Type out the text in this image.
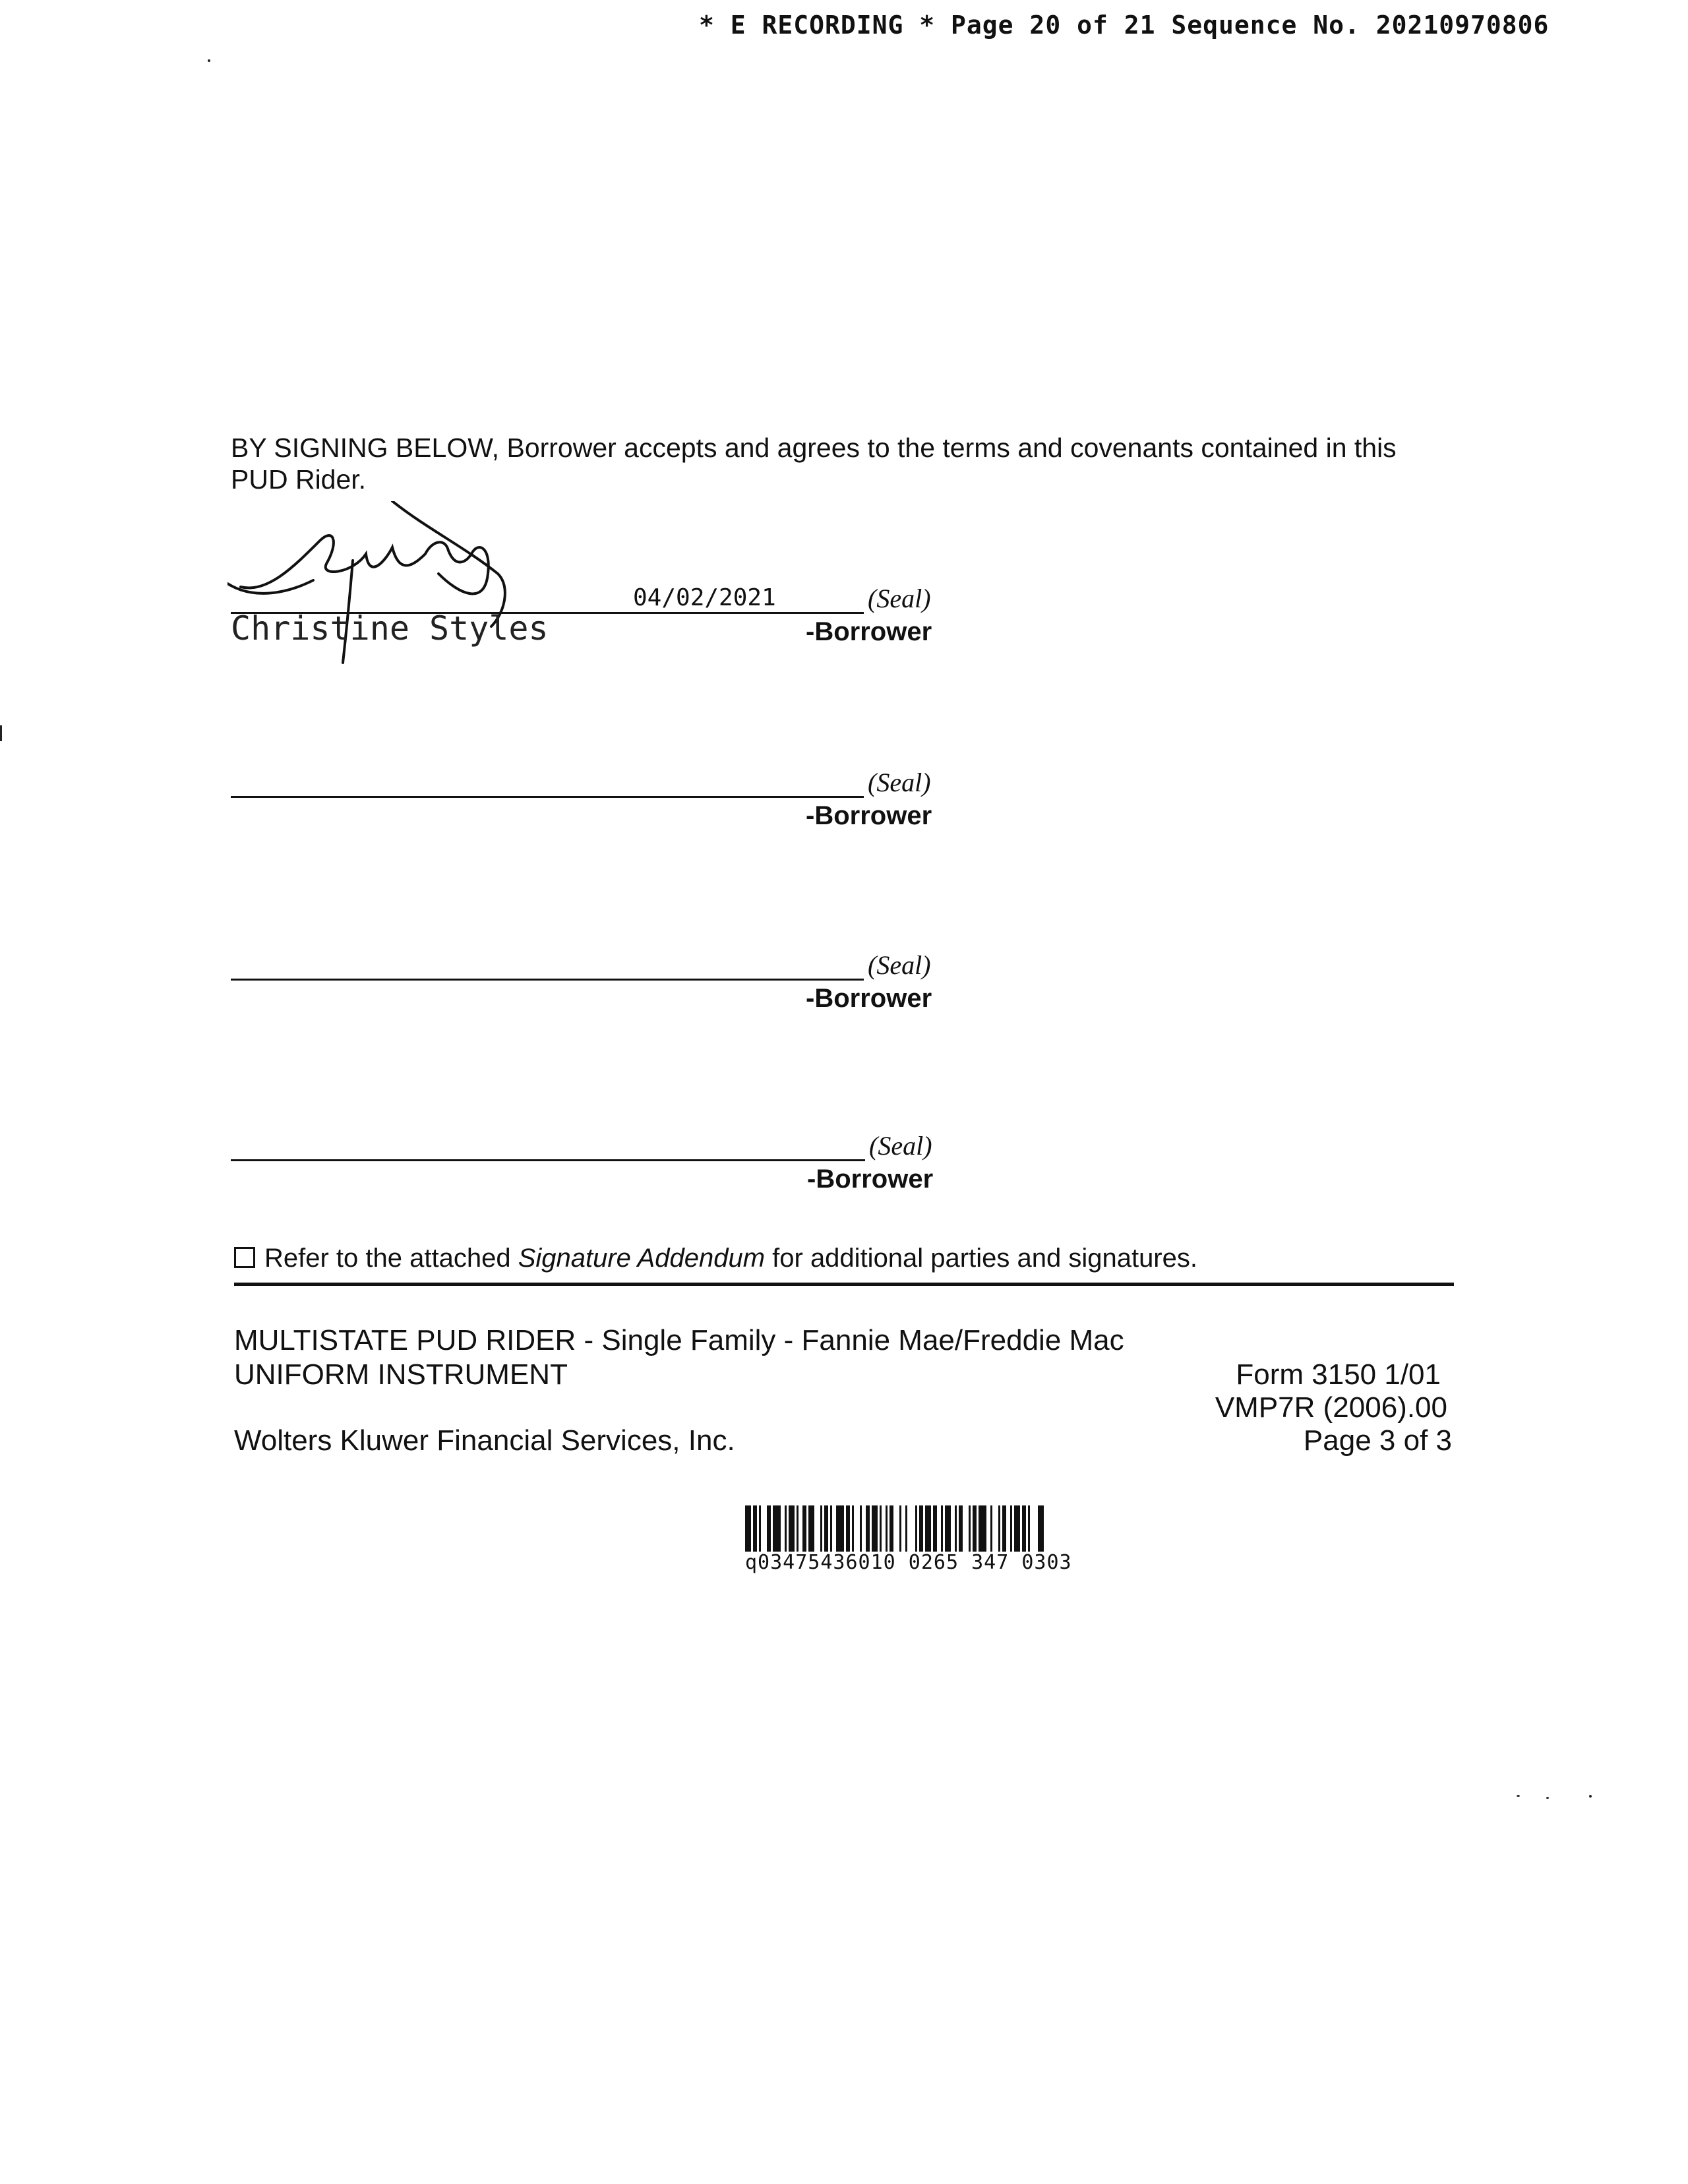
* E RECORDING * Page 20 of 21 Sequence No. 20210970806
BY SIGNING BELOW, Borrower accepts and agrees to the terms and covenants contained in this PUD Rider.
Christine Styles
04/02/2021	(Seal)
-Borrower
(Seal)
-Borrower
(Seal)
-Borrower
(Seal)
-Borrower
Refer to the attached Signature Addendum for additional parties and signatures.
MULTISTATE PUD RIDER - Single Family - Fannie Mae/Freddie Mac
UNIFORM INSTRUMENT	Form 3150 1/01
VMP7R (2006).00
Wolters Kluwer Financial Services, Inc.	Page 3 of 3
q03475436010 0265 347 0303
